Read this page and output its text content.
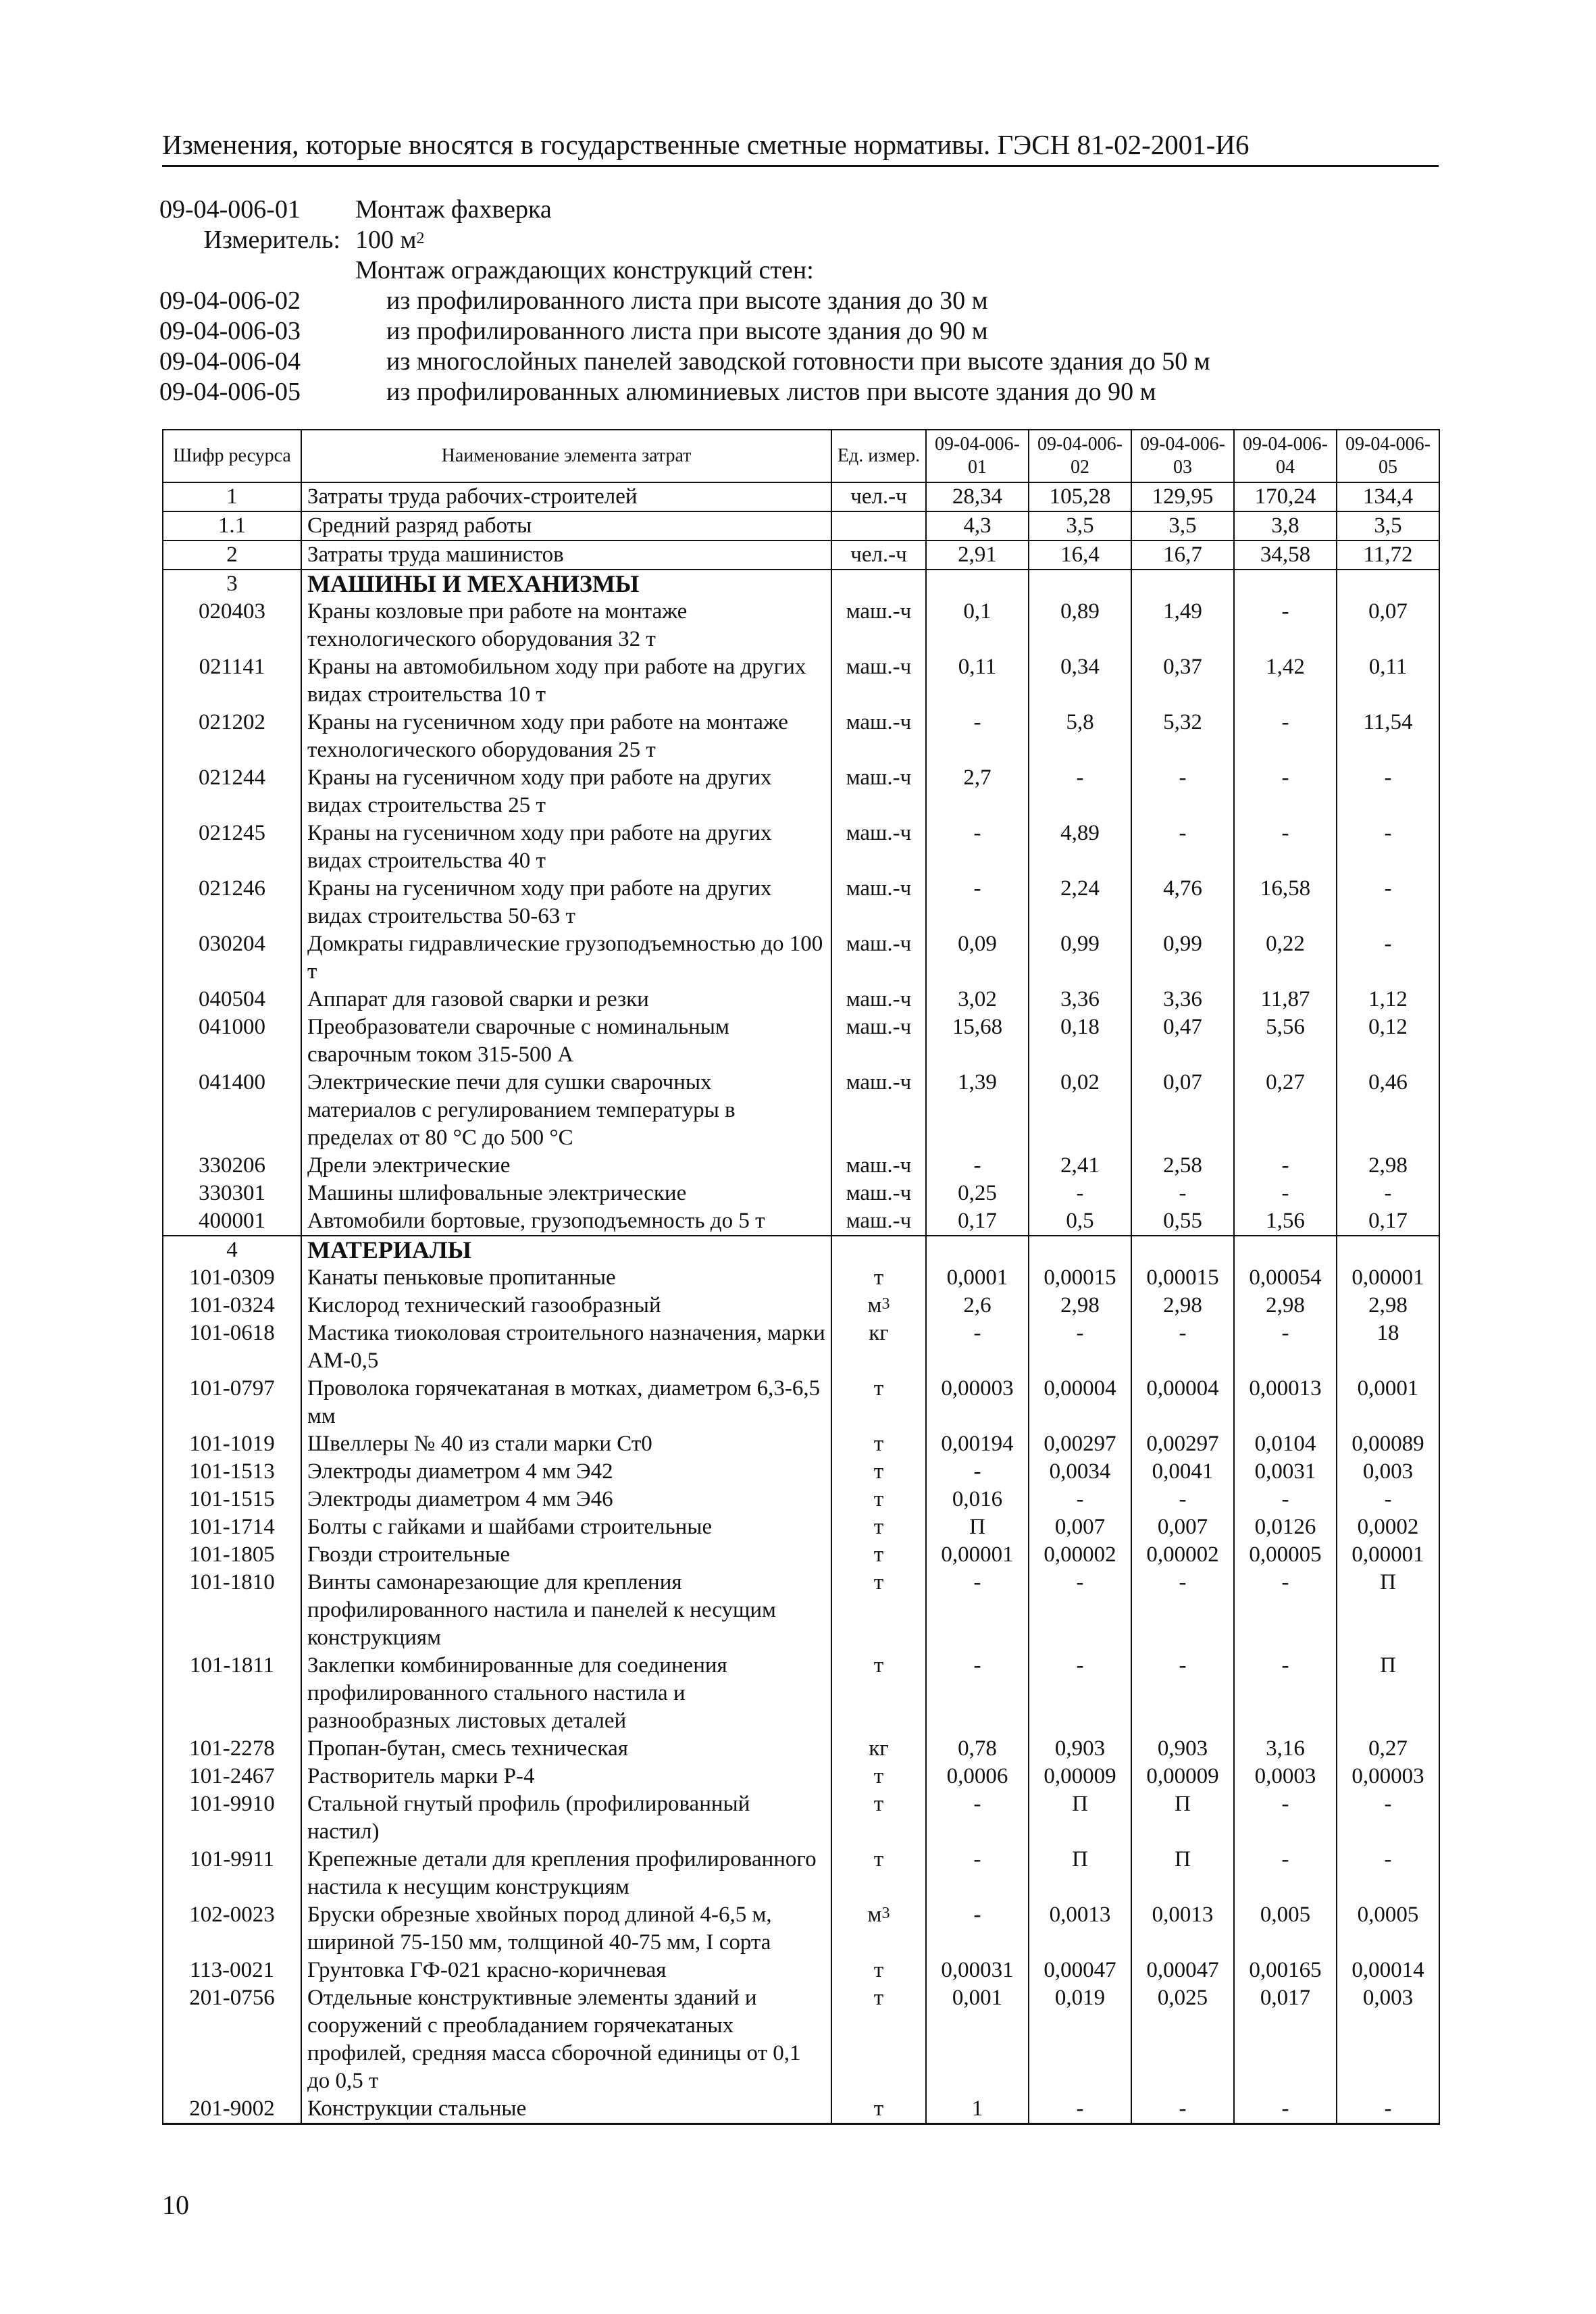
Изменения, которые вносятся в государственные сметные нормативы. ГЭСН 81-02-2001-И6
09-04-006-01	Монтаж фахверка
Измеритель: 100 $м^2$
Монтаж ограждающих конструкций стен:
09-04-006-02	из профилированного листа при высоте здания до 30 м
09-04-006-03	из профилированного листа при высоте здания до 90 м
09-04-006-04	из многослойных панелей заводской готовности при высоте здания до 50 м
09-04-006-05	из профилированных алюминиевых листов при высоте здания до 90 м
Шифр ресурса	Наименование элемента затрат	Ед. измер.	09-04-006-01	09-04-006-02	09-04-006-03	09-04-006-04	09-04-006-05
1	Затраты труда рабочих-строителей	чел.-ч	28,34	105,28	129,95	170,24	134,4
1.1	Средний разряд работы		4,3	3,5	3,5	3,8	3,5
2	Затраты труда машинистов	чел.-ч	2,91	16,4	16,7	34,58	11,72
3	МАШИНЫ И МЕХАНИЗМЫ						
020403	Краны козловые при работе на монтаже технологического оборудования 32 т	маш.-ч	0,1	0,89	1,49	-	0,07
021141	Краны на автомобильном ходу при работе на других видах строительства 10 т	маш.-ч	0,11	0,34	0,37	1,42	0,11
021202	Краны на гусеничном ходу при работе на монтаже технологического оборудования 25 т	маш.-ч	-	5,8	5,32	-	11,54
021244	Краны на гусеничном ходу при работе на других видах строительства 25 т	маш.-ч	2,7	-	-	-	-
021245	Краны на гусеничном ходу при работе на других видах строительства 40 т	маш.-ч	-	4,89	-	-	-
021246	Краны на гусеничном ходу при работе на других видах строительства 50-63 т	маш.-ч	-	2,24	4,76	16,58	-
030204	Домкраты гидравлические грузоподъемностью до 100 т	маш.-ч	0,09	0,99	0,99	0,22	-
040504	Аппарат для газовой сварки и резки	маш.-ч	3,02	3,36	3,36	11,87	1,12
041000	Преобразователи сварочные с номинальным сварочным током 315-500 А	маш.-ч	15,68	0,18	0,47	5,56	0,12
041400	Электрические печи для сушки сварочных материалов с регулированием температуры в пределах от 80 °С до 500 °С	маш.-ч	1,39	0,02	0,07	0,27	0,46
330206	Дрели электрические	маш.-ч	-	2,41	2,58	-	2,98
330301	Машины шлифовальные электрические	маш.-ч	0,25	-	-	-	-
400001	Автомобили бортовые, грузоподъемность до 5 т	маш.-ч	0,17	0,5	0,55	1,56	0,17
4	МАТЕРИАЛЫ						
101-0309	Канаты пеньковые пропитанные	т	0,0001	0,00015	0,00015	0,00054	0,00001
101-0324	Кислород технический газообразный	$м^3$	2,6	2,98	2,98	2,98	2,98
101-0618	Мастика тиоколовая строительного назначения, марки АМ-0,5	кг	-	-	-	-	18
101-0797	Проволока горячекатаная в мотках, диаметром 6,3-6,5 мм	т	0,00003	0,00004	0,00004	0,00013	0,0001
101-1019	Швеллеры № 40 из стали марки Ст0	т	0,00194	0,00297	0,00297	0,0104	0,00089
101-1513	Электроды диаметром 4 мм Э42	т	-	0,0034	0,0041	0,0031	0,003
101-1515	Электроды диаметром 4 мм Э46	т	0,016	-	-	-	-
101-1714	Болты с гайками и шайбами строительные	т	П	0,007	0,007	0,0126	0,0002
101-1805	Гвозди строительные	т	0,00001	0,00002	0,00002	0,00005	0,00001
101-1810	Винты самонарезающие для крепления профилированного настила и панелей к несущим конструкциям	т	-	-	-	-	П
101-1811	Заклепки комбинированные для соединения профилированного стального настила и разнообразных листовых деталей	т	-	-	-	-	П
101-2278	Пропан-бутан, смесь техническая	кг	0,78	0,903	0,903	3,16	0,27
101-2467	Растворитель марки Р-4	т	0,0006	0,00009	0,00009	0,0003	0,00003
101-9910	Стальной гнутый профиль (профилированный настил)	т	-	П	П	-	-
101-9911	Крепежные детали для крепления профилированного настила к несущим конструкциям	т	-	П	П	-	-
102-0023	Бруски обрезные хвойных пород длиной 4-6,5 м, шириной 75-150 мм, толщиной 40-75 мм, I сорта	$м^3$	-	0,0013	0,0013	0,005	0,0005
113-0021	Грунтовка ГФ-021 красно-коричневая	т	0,00031	0,00047	0,00047	0,00165	0,00014
201-0756	Отдельные конструктивные элементы зданий и сооружений с преобладанием горячекатаных профилей, средняя масса сборочной единицы от 0,1 до 0,5 т	т	0,001	0,019	0,025	0,017	0,003
201-9002	Конструкции стальные	т	1	-	-	-	-
10
